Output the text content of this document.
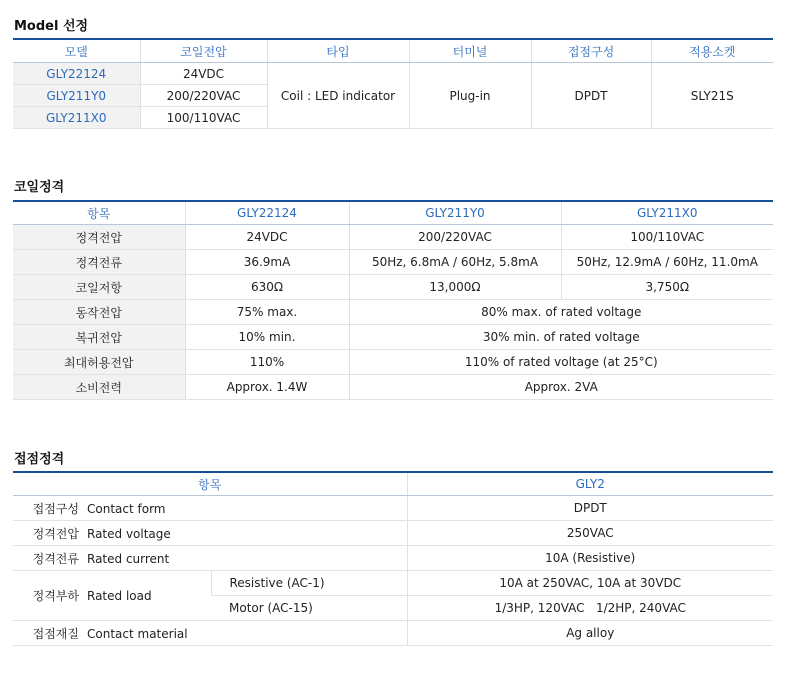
Model 선정
모델	코일전압	타입	터미널	접점구성	적용소켓
GLY22124	24VDC	Coil : LED indicator	Plug-in	DPDT	SLY21S
GLY211Y0	200/220VAC				
GLY211X0	100/110VAC				
코일정격
항목	GLY22124	GLY211Y0	GLY211X0
정격전압	24VDC	200/220VAC	100/110VAC
정격전류	36.9mA	50Hz, 6.8mA / 60Hz, 5.8mA	50Hz, 12.9mA / 60Hz, 11.0mA
코일저항	630Ω	13,000Ω	3,750Ω
동작전압	75% max.	80% max. of rated voltage	
복귀전압	10% min.	30% min. of rated voltage	
최대허용전압	110%	110% of rated voltage (at 25°C)	
소비전력	Approx. 1.4W	Approx. 2VA	
접점정격
항목		GLY2
접점구성 Contact form		DPDT
정격전압 Rated voltage		250VAC
정격전류 Rated current		10A (Resistive)
정격부하 Rated load	Resistive (AC-1)	10A at 250VAC, 10A at 30VDC
	Motor (AC-15)	1/3HP, 120VAC   1/2HP, 240VAC
접점재질 Contact material		Ag alloy
